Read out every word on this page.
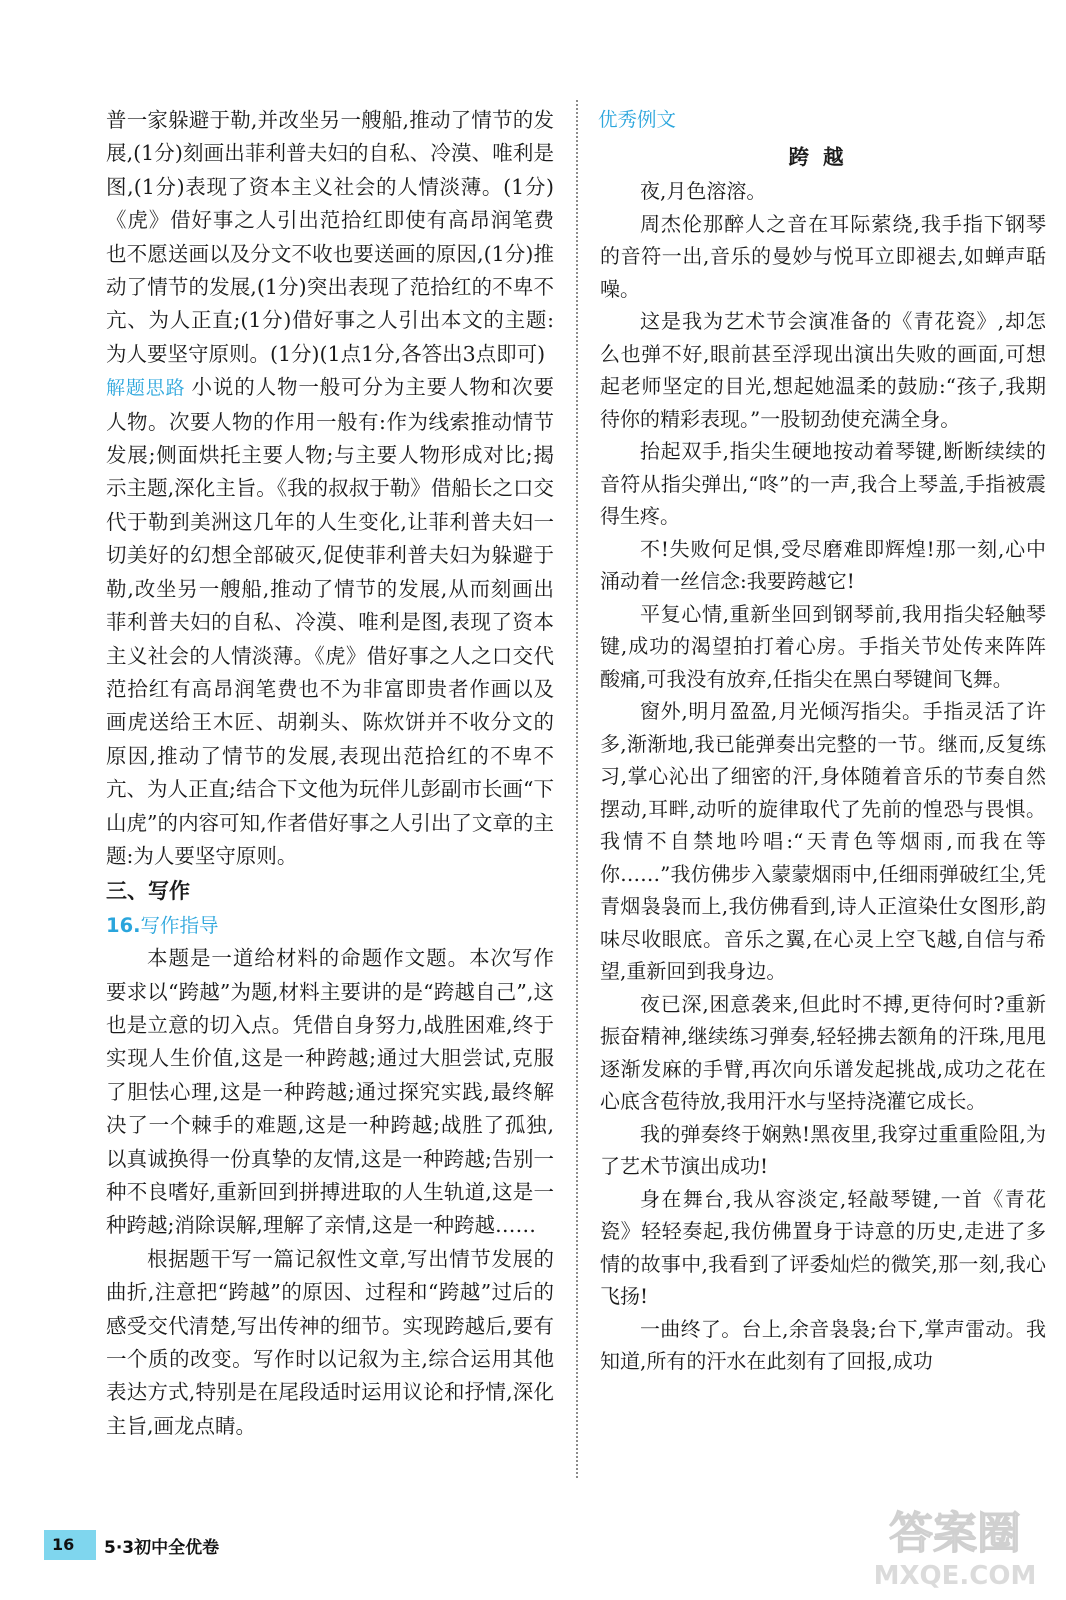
普一家躲避于勒,并改坐另一艘船,推动了情节的发展,(1分)刻画出菲利普夫妇的自私、冷漠、唯利是图,(1分)表现了资本主义社会的人情淡薄。(1分)《虎》借好事之人引出范拾红即使有高昂润笔费也不愿送画以及分文不收也要送画的原因,(1分)推动了情节的发展,(1分)突出表现了范拾红的不卑不亢、为人正直;(1分)借好事之人引出本文的主题:为人要坚守原则。(1分)(1点1分,各答出3点即可)

解题思路 小说的人物一般可分为主要人物和次要人物。次要人物的作用一般有:作为线索推动情节发展;侧面烘托主要人物;与主要人物形成对比;揭示主题,深化主旨。《我的叔叔于勒》借船长之口交代于勒到美洲这几年的人生变化,让菲利普夫妇一切美好的幻想全部破灭,促使菲利普夫妇为躲避于勒,改坐另一艘船,推动了情节的发展,从而刻画出菲利普夫妇的自私、冷漠、唯利是图,表现了资本主义社会的人情淡薄。《虎》借好事之人之口交代范拾红有高昂润笔费也不为非富即贵者作画以及画虎送给王木匠、胡剃头、陈炊饼并不收分文的原因,推动了情节的发展,表现出范拾红的不卑不亢、为人正直;结合下文他为玩伴儿彭副市长画“下山虎”的内容可知,作者借好事之人引出了文章的主题:为人要坚守原则。

三、写作

16.写作指导

本题是一道给材料的命题作文题。本次写作要求以“跨越”为题,材料主要讲的是“跨越自己”,这也是立意的切入点。凭借自身努力,战胜困难,终于实现人生价值,这是一种跨越;通过大胆尝试,克服了胆怯心理,这是一种跨越;通过探究实践,最终解决了一个棘手的难题,这是一种跨越;战胜了孤独,以真诚换得一份真挚的友情,这是一种跨越;告别一种不良嗜好,重新回到拼搏进取的人生轨道,这是一种跨越;消除误解,理解了亲情,这是一种跨越……

根据题干写一篇记叙性文章,写出情节发展的曲折,注意把“跨越”的原因、过程和“跨越”过后的感受交代清楚,写出传神的细节。实现跨越后,要有一个质的改变。写作时以记叙为主,综合运用其他表达方式,特别是在尾段适时运用议论和抒情,深化主旨,画龙点睛。

优秀例文

跨越

夜,月色溶溶。

周杰伦那醉人之音在耳际萦绕,我手指下钢琴的音符一出,音乐的曼妙与悦耳立即褪去,如蝉声聒噪。

这是我为艺术节会演准备的《青花瓷》,却怎么也弹不好,眼前甚至浮现出演出失败的画面,可想起老师坚定的目光,想起她温柔的鼓励:“孩子,我期待你的精彩表现。”一股韧劲使充满全身。

抬起双手,指尖生硬地按动着琴键,断断续续的音符从指尖弹出,“咚”的一声,我合上琴盖,手指被震得生疼。

不!失败何足惧,受尽磨难即辉煌!那一刻,心中涌动着一丝信念:我要跨越它!

平复心情,重新坐回到钢琴前,我用指尖轻触琴键,成功的渴望拍打着心房。手指关节处传来阵阵酸痛,可我没有放弃,任指尖在黑白琴键间飞舞。

窗外,明月盈盈,月光倾泻指尖。手指灵活了许多,渐渐地,我已能弹奏出完整的一节。继而,反复练习,掌心沁出了细密的汗,身体随着音乐的节奏自然摆动,耳畔,动听的旋律取代了先前的惶恐与畏惧。我情不自禁地吟唱:“天青色等烟雨,而我在等你……”我仿佛步入蒙蒙烟雨中,任细雨弹破红尘,凭青烟袅袅而上,我仿佛看到,诗人正渲染仕女图形,韵味尽收眼底。音乐之翼,在心灵上空飞越,自信与希望,重新回到我身边。

夜已深,困意袭来,但此时不搏,更待何时?重新振奋精神,继续练习弹奏,轻轻拂去额角的汗珠,甩甩逐渐发麻的手臂,再次向乐谱发起挑战,成功之花在心底含苞待放,我用汗水与坚持浇灌它成长。

我的弹奏终于娴熟!黑夜里,我穿过重重险阻,为了艺术节演出成功!

身在舞台,我从容淡定,轻敲琴键,一首《青花瓷》轻轻奏起,我仿佛置身于诗意的历史,走进了多情的故事中,我看到了评委灿烂的微笑,那一刻,我心飞扬!

一曲终了。台上,余音袅袅;台下,掌声雷动。我知道,所有的汗水在此刻有了回报,成功

16	5·3初中全优卷	答案圈
MXQE.COM
